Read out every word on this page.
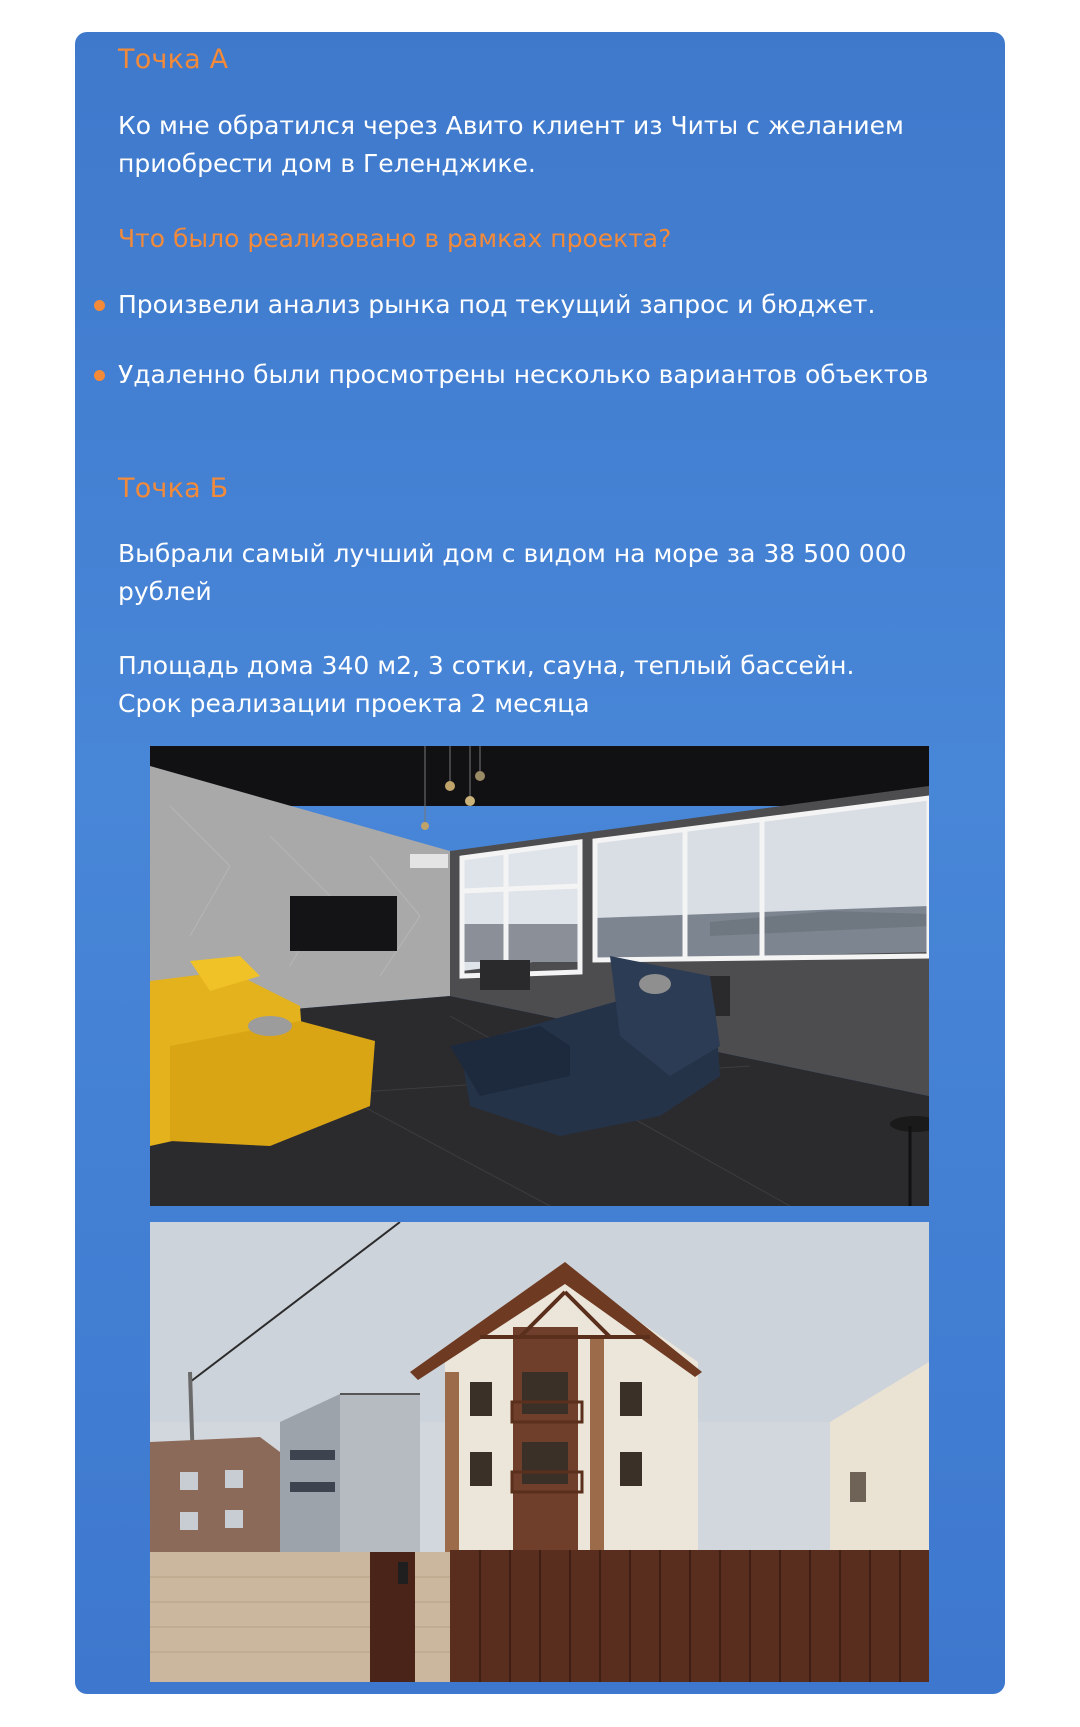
Точка А

Ко мне обратился через Авито клиент из Читы с желанием приобрести дом в Геленджике.

Что было реализовано в рамках проекта?
Произвели анализ рынка под текущий запрос и бюджет.
Удаленно были просмотрены несколько вариантов объектов
Точка Б

Выбрали самый лучший дом с видом на море за 38 500 000 рублей

Площадь дома 340 м2, 3 сотки, сауна, теплый бассейн. Срок реализации проекта 2 месяца
